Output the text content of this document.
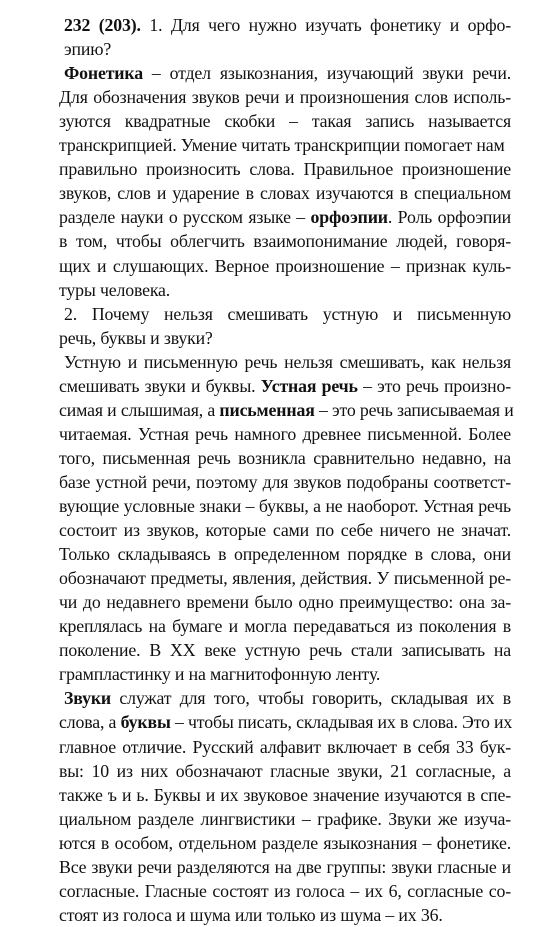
232 (203). 1. Для чего нужно изучать фонетику и орфо-
эпию?
Фонетика – отдел языкознания, изучающий звуки речи.
Для обозначения звуков речи и произношения слов исполь-
зуются квадратные скобки – такая запись называется
транскрипцией. Умение читать транскрипции помогает нам
правильно произносить слова. Правильное произношение
звуков, слов и ударение в словах изучаются в специальном
разделе науки о русском языке – орфоэпии. Роль орфоэпии
в том, чтобы облегчить взаимопонимание людей, говоря-
щих и слушающих. Верное произношение – признак куль-
туры человека.
2. Почему нельзя смешивать устную и письменную
речь, буквы и звуки?
Устную и письменную речь нельзя смешивать, как нельзя
смешивать звуки и буквы. Устная речь – это речь произно-
симая и слышимая, а письменная – это речь записываемая и
читаемая. Устная речь намного древнее письменной. Более
того, письменная речь возникла сравнительно недавно, на
базе устной речи, поэтому для звуков подобраны соответст-
вующие условные знаки – буквы, а не наоборот. Устная речь
состоит из звуков, которые сами по себе ничего не значат.
Только складываясь в определенном порядке в слова, они
обозначают предметы, явления, действия. У письменной ре-
чи до недавнего времени было одно преимущество: она за-
креплялась на бумаге и могла передаваться из поколения в
поколение. В XX веке устную речь стали записывать на
грампластинку и на магнитофонную ленту.
Звуки служат для того, чтобы говорить, складывая их в
слова, а буквы – чтобы писать, складывая их в слова. Это их
главное отличие. Русский алфавит включает в себя 33 бук-
вы: 10 из них обозначают гласные звуки, 21 согласные, а
также ъ и ь. Буквы и их звуковое значение изучаются в спе-
циальном разделе лингвистики – графике. Звуки же изуча-
ются в особом, отдельном разделе языкознания – фонетике.
Все звуки речи разделяются на две группы: звуки гласные и
согласные. Гласные состоят из голоса – их 6, согласные со-
стоят из голоса и шума или только из шума – их 36.
